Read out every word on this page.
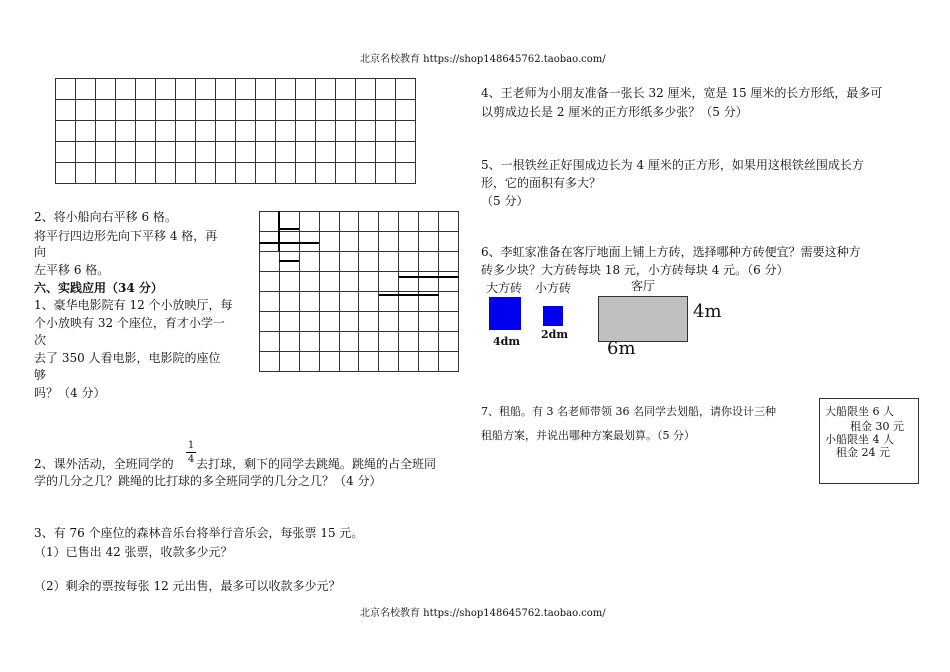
北京名校教育 https://shop148645762.taobao.com/

2、将小船向右平移 6 格。
将平行四边形先向下平移 4 格，再
向
左平移 6 格。
六、实践应用（34 分）
1、豪华电影院有 12 个小放映厅，每
个小放映有 32 个座位，育才小学一
次
去了 350 人看电影，电影院的座位
够
吗？（4 分）

1
4
2、课外活动，全班同学的 去打球，剩下的同学去跳绳。跳绳的占全班同
学的几分之几？跳绳的比打球的多全班同学的几分之几？（4 分）
3、有 76 个座位的森林音乐台将举行音乐会，每张票 15 元。
（1）已售出 42 张票，收款多少元？
（2）剩余的票按每张 12 元出售，最多可以收款多少元？
4、王老师为小朋友准备一张长 32 厘米，宽是 15 厘米的长方形纸，最多可
以剪成边长是 2 厘米的正方形纸多少张？（5 分）
5、一根铁丝正好围成边长为 4 厘米的正方形，如果用这根铁丝围成长方
形，它的面积有多大？
（5 分）
6、李虹家准备在客厅地面上铺上方砖，选择哪种方砖便宜？需要这种方
砖多少块？大方砖每块 18 元，小方砖每块 4 元。（6 分）
大方砖 小方砖	客厅
4dm
2dm
4m
6m
7、租船。有 3 名老师带领 36 名同学去划船，请你设计三种
租船方案，并说出哪种方案最划算。（5 分）
大船限坐 6 人
租金 30 元
小船限坐 4 人
租金 24 元
北京名校教育 https://shop148645762.taobao.com/
